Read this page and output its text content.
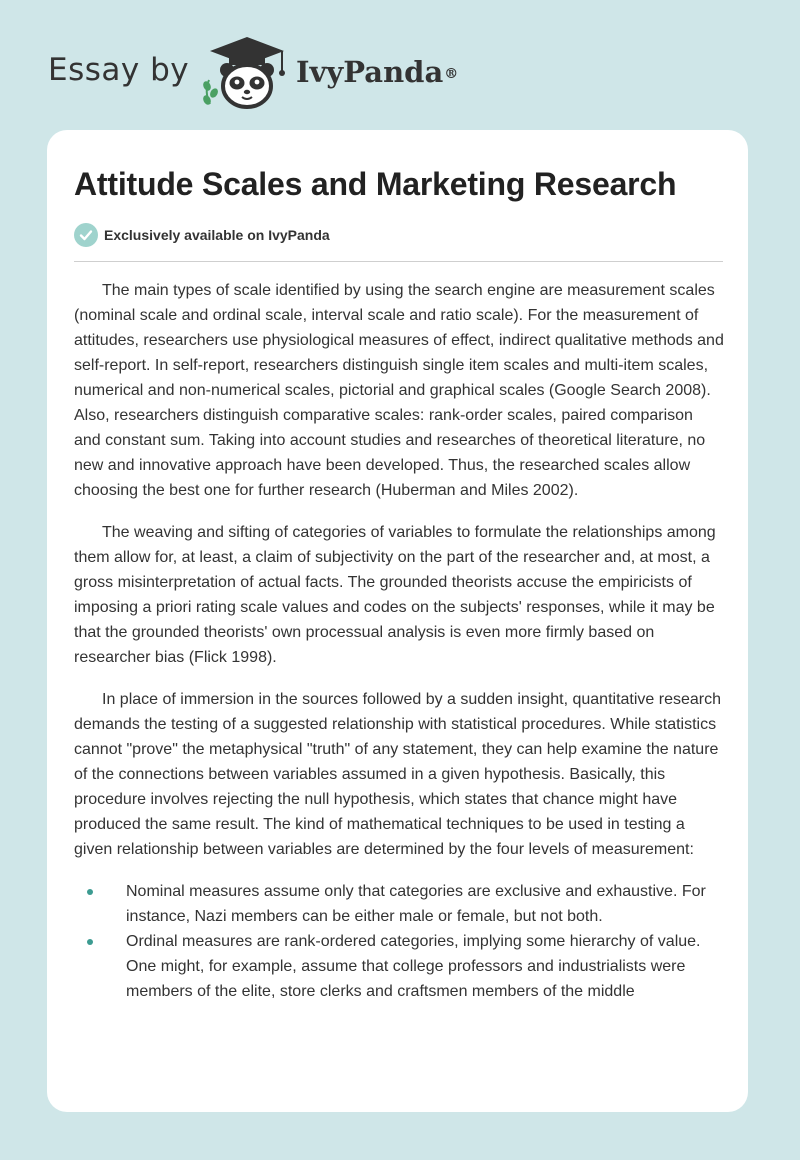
Essay by	IvyPanda®
Attitude Scales and Marketing Research
Exclusively available on IvyPanda

The main types of scale identified by using the search engine are measurement scales (nominal scale and ordinal scale, interval scale and ratio scale). For the measurement of attitudes, researchers use physiological measures of effect, indirect qualitative methods and self-report. In self-report, researchers distinguish single item scales and multi-item scales, numerical and non-numerical scales, pictorial and graphical scales (Google Search 2008). Also, researchers distinguish comparative scales: rank-order scales, paired comparison and constant sum. Taking into account studies and researches of theoretical literature, no new and innovative approach have been developed. Thus, the researched scales allow choosing the best one for further research (Huberman and Miles 2002).

The weaving and sifting of categories of variables to formulate the relationships among them allow for, at least, a claim of subjectivity on the part of the researcher and, at most, a gross misinterpretation of actual facts. The grounded theorists accuse the empiricists of imposing a priori rating scale values and codes on the subjects' responses, while it may be that the grounded theorists' own processual analysis is even more firmly based on researcher bias (Flick 1998).

In place of immersion in the sources followed by a sudden insight, quantitative research demands the testing of a suggested relationship with statistical procedures. While statistics cannot "prove" the metaphysical "truth" of any statement, they can help examine the nature of the connections between variables assumed in a given hypothesis. Basically, this procedure involves rejecting the null hypothesis, which states that chance might have produced the same result. The kind of mathematical techniques to be used in testing a given relationship between variables are determined by the four levels of measurement:

Nominal measures assume only that categories are exclusive and exhaustive. For instance, Nazi members can be either male or female, but not both.
Ordinal measures are rank-ordered categories, implying some hierarchy of value. One might, for example, assume that college professors and industrialists were members of the elite, store clerks and craftsmen members of the middle
